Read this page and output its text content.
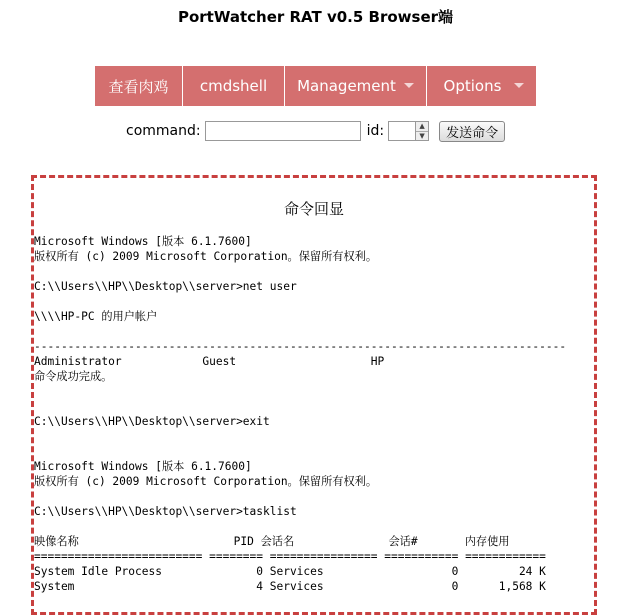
PortWatcher RAT v0.5 Browser端
查看肉鸡 cmdshell Management	Options
command:	id:	▲
▼	发送命令
命令回显
Microsoft Windows [版本 6.1.7600]
版权所有 (c) 2009 Microsoft Corporation。保留所有权利。

C:\\Users\\HP\\Desktop\\server>net user

\\\\HP-PC 的用户帐户

-------------------------------------------------------------------------------
Administrator            Guest                    HP
命令成功完成。

C:\\Users\\HP\\Desktop\\server>exit

Microsoft Windows [版本 6.1.7600]
版权所有 (c) 2009 Microsoft Corporation。保留所有权利。

C:\\Users\\HP\\Desktop\\server>tasklist

映像名称                       PID 会话名              会话#       内存使用
========================= ======== ================ =========== ============
System Idle Process              0 Services                   0         24 K
System                           4 Services                   0      1,568 K
